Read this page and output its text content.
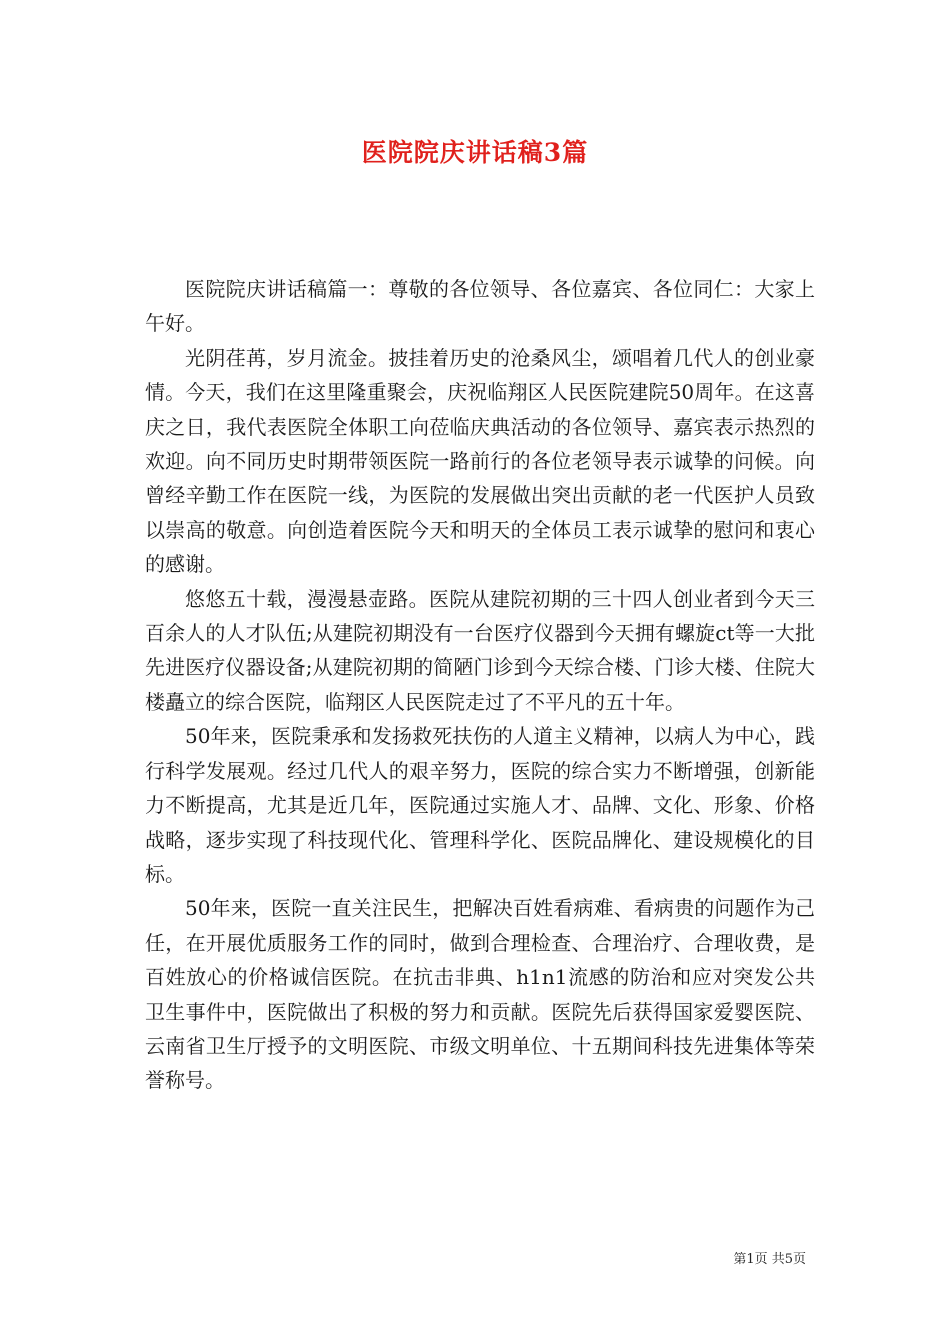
医院院庆讲话稿3篇

医院院庆讲话稿篇一：尊敬的各位领导、各位嘉宾、各位同仁：大家上午好。

光阴荏苒，岁月流金。披挂着历史的沧桑风尘，颂唱着几代人的创业豪情。今天，我们在这里隆重聚会，庆祝临翔区人民医院建院50周年。在这喜庆之日，我代表医院全体职工向莅临庆典活动的各位领导、嘉宾表示热烈的欢迎。向不同历史时期带领医院一路前行的各位老领导表示诚挚的问候。向曾经辛勤工作在医院一线，为医院的发展做出突出贡献的老一代医护人员致以崇高的敬意。向创造着医院今天和明天的全体员工表示诚挚的慰问和衷心的感谢。

悠悠五十载，漫漫悬壶路。医院从建院初期的三十四人创业者到今天三百余人的人才队伍;从建院初期没有一台医疗仪器到今天拥有螺旋ct等一大批先进医疗仪器设备;从建院初期的简陋门诊到今天综合楼、门诊大楼、住院大楼矗立的综合医院，临翔区人民医院走过了不平凡的五十年。

50年来，医院秉承和发扬救死扶伤的人道主义精神，以病人为中心，践行科学发展观。经过几代人的艰辛努力，医院的综合实力不断增强，创新能力不断提高，尤其是近几年，医院通过实施人才、品牌、文化、形象、价格战略，逐步实现了科技现代化、管理科学化、医院品牌化、建设规模化的目标。

50年来，医院一直关注民生，把解决百姓看病难、看病贵的问题作为己任，在开展优质服务工作的同时，做到合理检查、合理治疗、合理收费，是百姓放心的价格诚信医院。在抗击非典、h1n1流感的防治和应对突发公共卫生事件中，医院做出了积极的努力和贡献。医院先后获得国家爱婴医院、云南省卫生厅授予的文明医院、市级文明单位、十五期间科技先进集体等荣誉称号。

第1页 共5页
